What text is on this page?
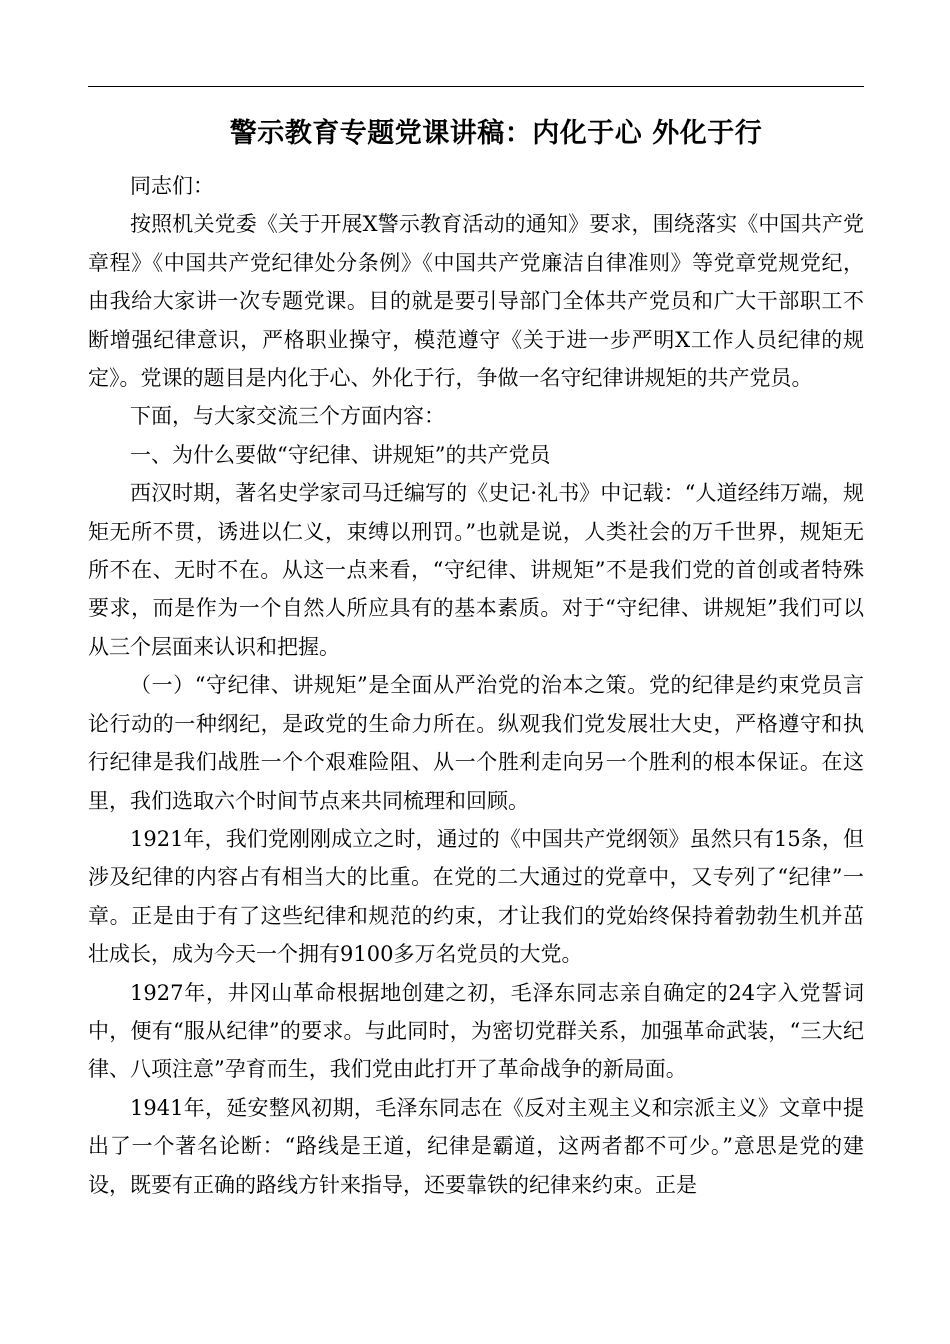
警示教育专题党课讲稿：内化于心 外化于行

同志们：

按照机关党委《关于开展X警示教育活动的通知》要求，围绕落实《中国共产党章程》《中国共产党纪律处分条例》《中国共产党廉洁自律准则》等党章党规党纪，由我给大家讲一次专题党课。目的就是要引导部门全体共产党员和广大干部职工不断增强纪律意识，严格职业操守，模范遵守《关于进一步严明X工作人员纪律的规定》。党课的题目是内化于心、外化于行，争做一名守纪律讲规矩的共产党员。

下面，与大家交流三个方面内容：

一、为什么要做“守纪律、讲规矩”的共产党员

西汉时期，著名史学家司马迁编写的《史记·礼书》中记载：“人道经纬万端，规矩无所不贯，诱进以仁义，束缚以刑罚。”也就是说，人类社会的万千世界，规矩无所不在、无时不在。从这一点来看，“守纪律、讲规矩”不是我们党的首创或者特殊要求，而是作为一个自然人所应具有的基本素质。对于“守纪律、讲规矩”我们可以从三个层面来认识和把握。

（一）“守纪律、讲规矩”是全面从严治党的治本之策。党的纪律是约束党员言论行动的一种纲纪，是政党的生命力所在。纵观我们党发展壮大史，严格遵守和执行纪律是我们战胜一个个艰难险阻、从一个胜利走向另一个胜利的根本保证。在这里，我们选取六个时间节点来共同梳理和回顾。

1921年，我们党刚刚成立之时，通过的《中国共产党纲领》虽然只有15条，但涉及纪律的内容占有相当大的比重。在党的二大通过的党章中，又专列了“纪律”一章。正是由于有了这些纪律和规范的约束，才让我们的党始终保持着勃勃生机并茁壮成长，成为今天一个拥有9100多万名党员的大党。

1927年，井冈山革命根据地创建之初，毛泽东同志亲自确定的24字入党誓词中，便有“服从纪律”的要求。与此同时，为密切党群关系，加强革命武装，“三大纪律、八项注意”孕育而生，我们党由此打开了革命战争的新局面。

1941年，延安整风初期，毛泽东同志在《反对主观主义和宗派主义》文章中提出了一个著名论断：“路线是王道，纪律是霸道，这两者都不可少。”意思是党的建设，既要有正确的路线方针来指导，还要靠铁的纪律来约束。正是
